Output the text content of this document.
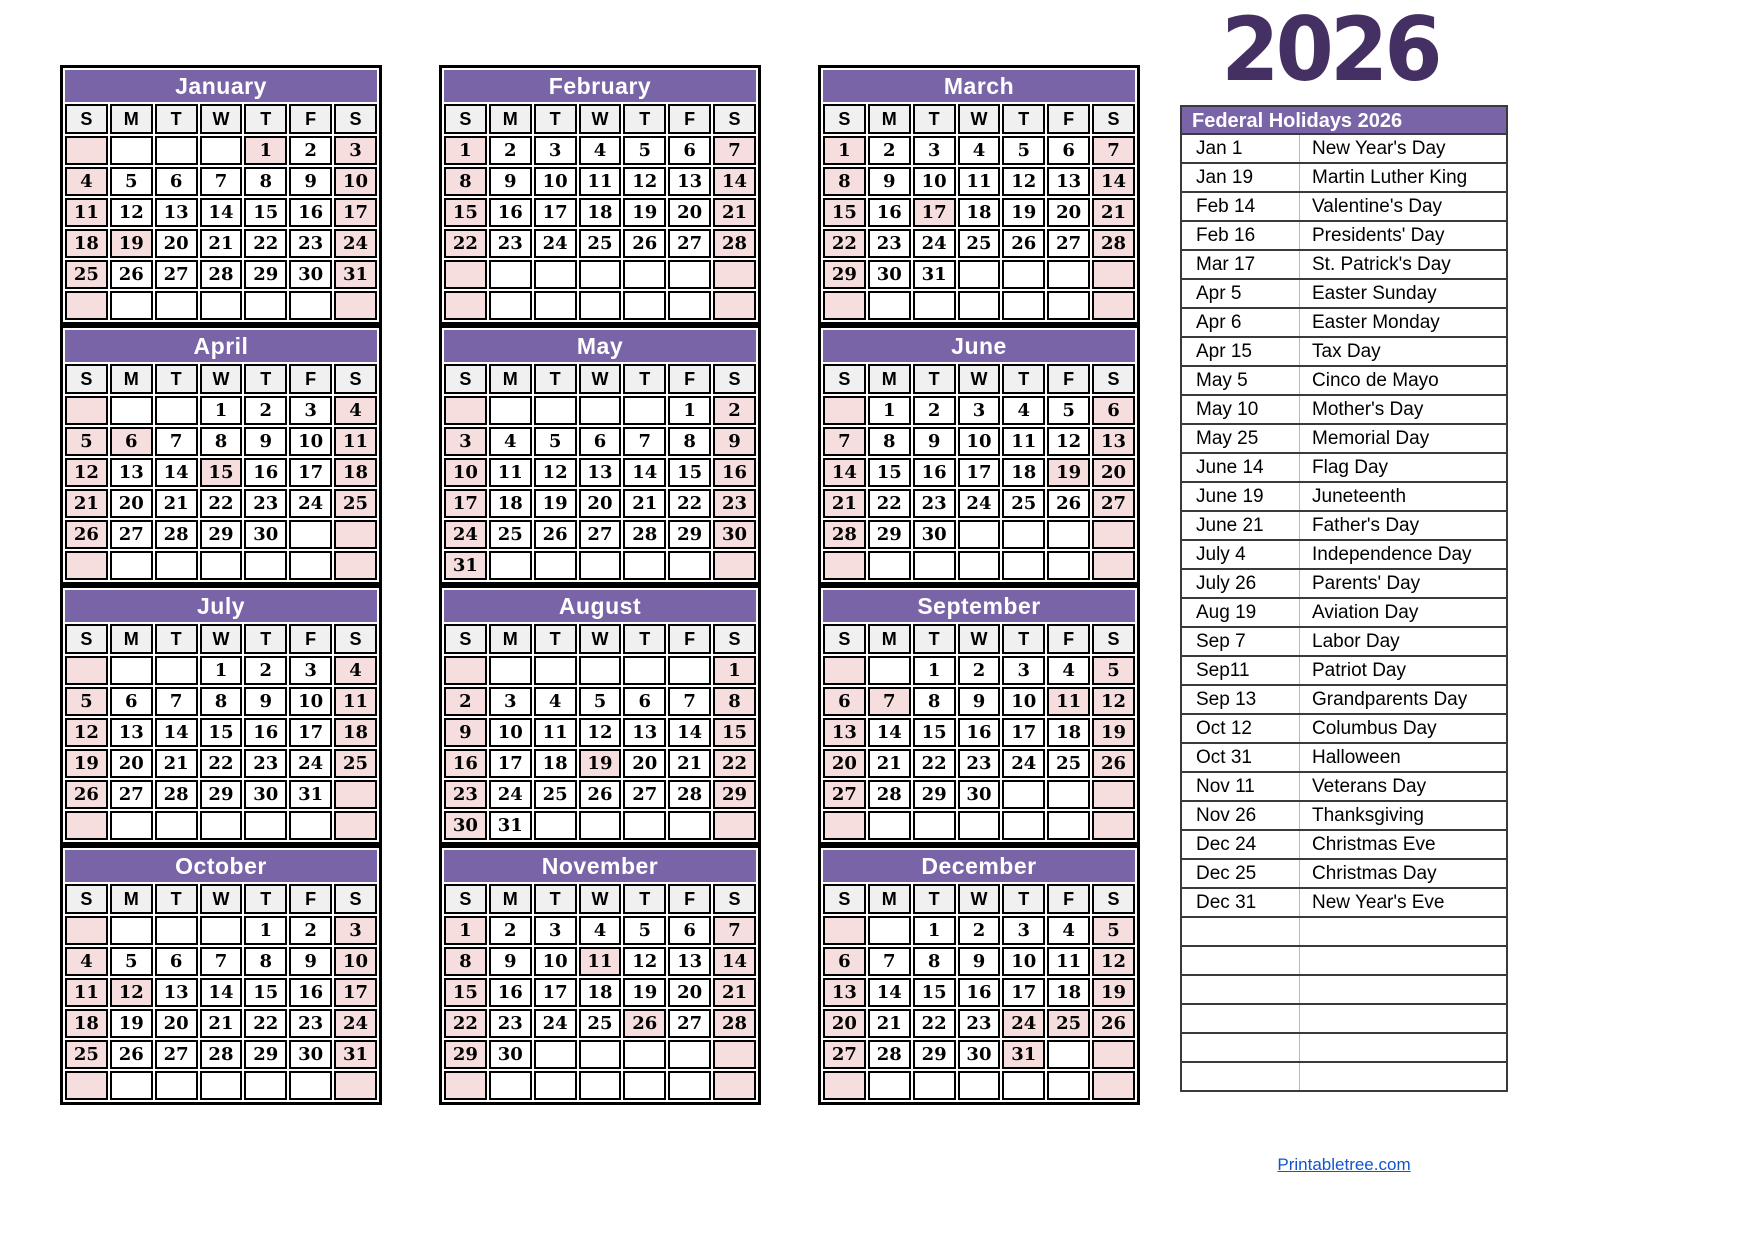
2026
January						
S	M	T	W	T	F	S
				1	2	3
4	5	6	7	8	9	10
11	12	13	14	15	16	17
18	19	20	21	22	23	24
25	26	27	28	29	30	31

February						
S	M	T	W	T	F	S
1	2	3	4	5	6	7
8	9	10	11	12	13	14
15	16	17	18	19	20	21
22	23	24	25	26	27	28

March						
S	M	T	W	T	F	S
1	2	3	4	5	6	7
8	9	10	11	12	13	14
15	16	17	18	19	20	21
22	23	24	25	26	27	28
29	30	31				

April						
S	M	T	W	T	F	S
			1	2	3	4
5	6	7	8	9	10	11
12	13	14	15	16	17	18
21	20	21	22	23	24	25
26	27	28	29	30		

May						
S	M	T	W	T	F	S
					1	2
3	4	5	6	7	8	9
10	11	12	13	14	15	16
17	18	19	20	21	22	23
24	25	26	27	28	29	30
31						
June						
S	M	T	W	T	F	S
	1	2	3	4	5	6
7	8	9	10	11	12	13
14	15	16	17	18	19	20
21	22	23	24	25	26	27
28	29	30				

July						
S	M	T	W	T	F	S
			1	2	3	4
5	6	7	8	9	10	11
12	13	14	15	16	17	18
19	20	21	22	23	24	25
26	27	28	29	30	31	

August						
S	M	T	W	T	F	S
						1
2	3	4	5	6	7	8
9	10	11	12	13	14	15
16	17	18	19	20	21	22
23	24	25	26	27	28	29
30	31					
September						
S	M	T	W	T	F	S
		1	2	3	4	5
6	7	8	9	10	11	12
13	14	15	16	17	18	19
20	21	22	23	24	25	26
27	28	29	30			

October						
S	M	T	W	T	F	S
				1	2	3
4	5	6	7	8	9	10
11	12	13	14	15	16	17
18	19	20	21	22	23	24
25	26	27	28	29	30	31

November						
S	M	T	W	T	F	S
1	2	3	4	5	6	7
8	9	10	11	12	13	14
15	16	17	18	19	20	21
22	23	24	25	26	27	28
29	30					

December						
S	M	T	W	T	F	S
		1	2	3	4	5
6	7	8	9	10	11	12
13	14	15	16	17	18	19
20	21	22	23	24	25	26
27	28	29	30	31		

Federal Holidays 2026
Jan 1	New Year's Day
Jan 19	Martin Luther King
Feb 14	Valentine's Day
Feb 16	Presidents' Day
Mar 17	St. Patrick's Day
Apr 5	Easter Sunday
Apr 6	Easter Monday
Apr 15	Tax Day
May 5	Cinco de Mayo
May 10	Mother's Day
May 25	Memorial Day
June 14	Flag Day
June 19	Juneteenth
June 21	Father's Day
July 4	Independence Day
July 26	Parents' Day
Aug 19	Aviation Day
Sep 7	Labor Day
Sep11	Patriot Day
Sep 13	Grandparents Day
Oct 12	Columbus Day
Oct 31	Halloween
Nov 11	Veterans Day
Nov 26	Thanksgiving
Dec 24	Christmas Eve
Dec 25	Christmas Day
Dec 31	New Year's Eve

Printabletree.com
